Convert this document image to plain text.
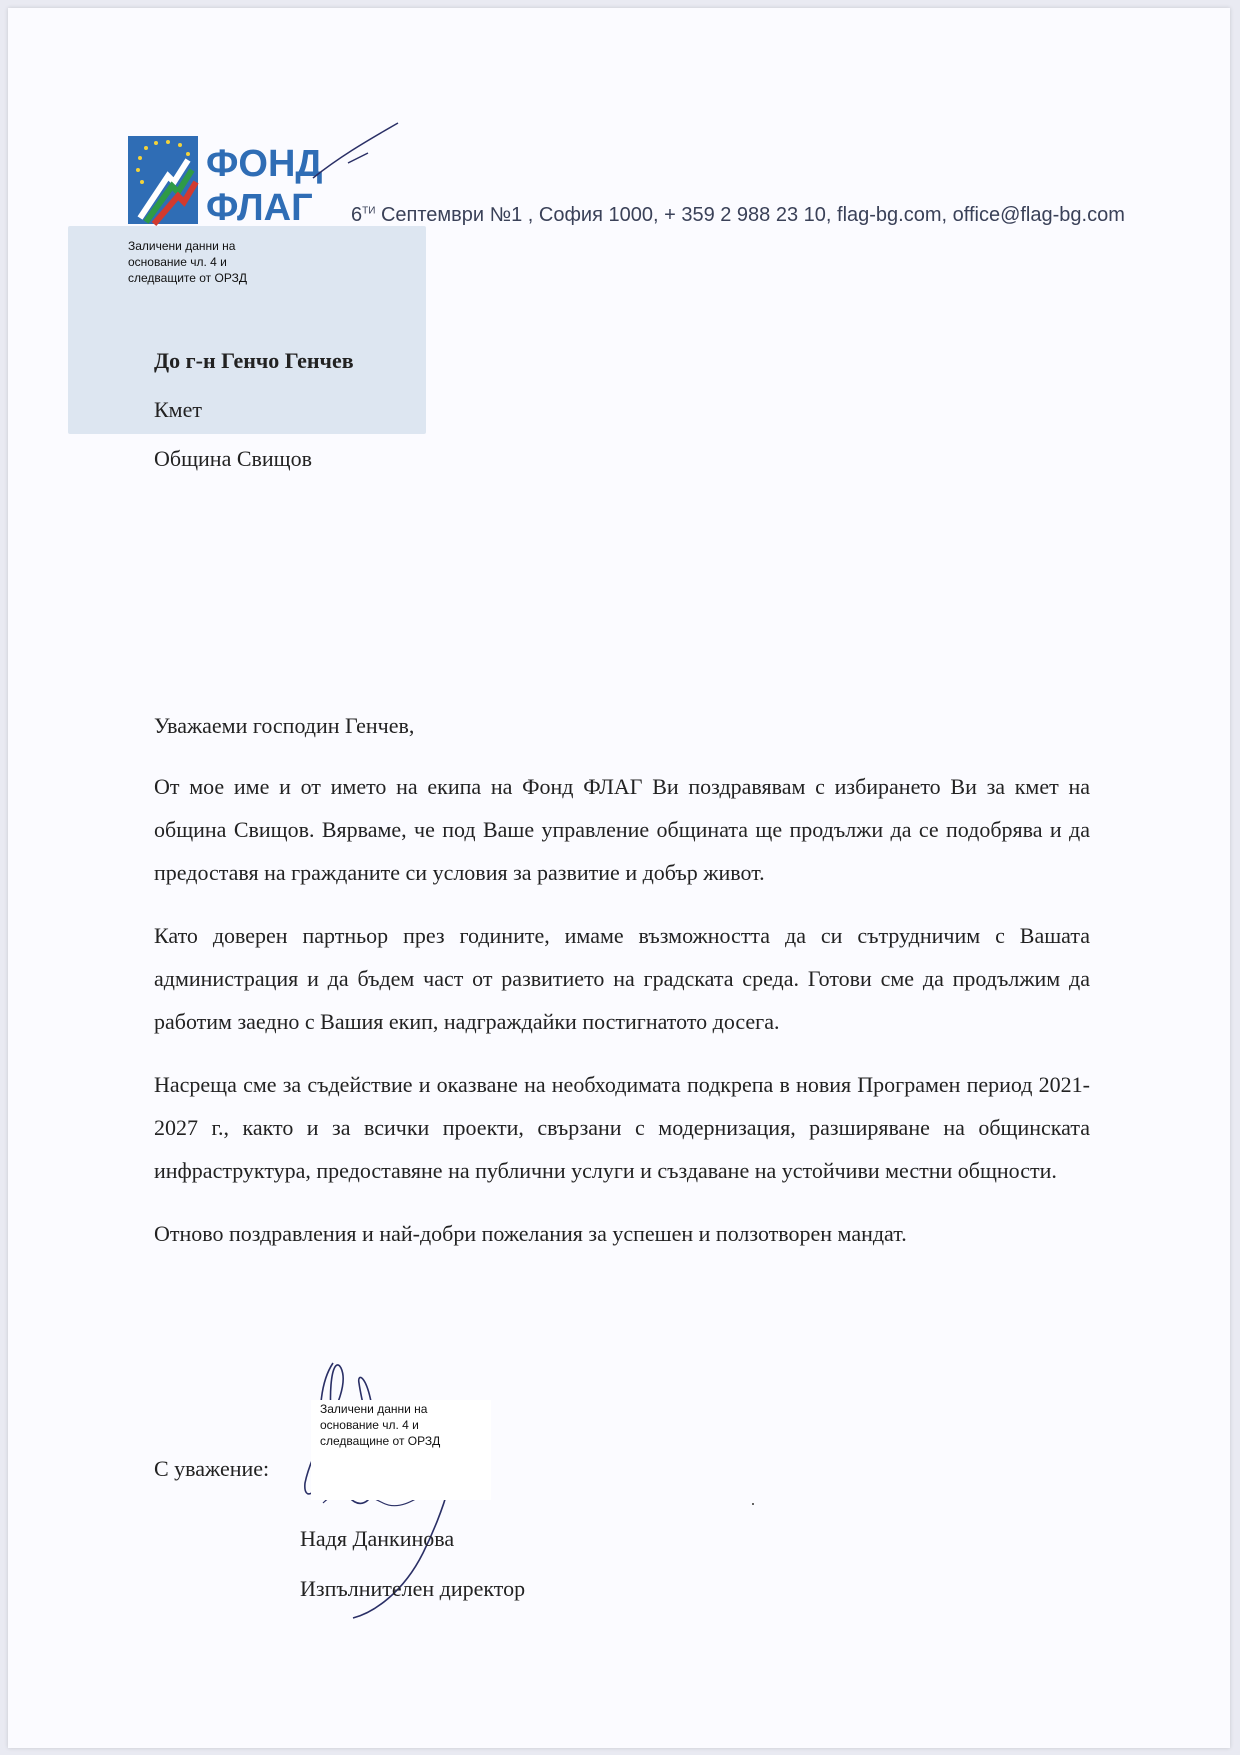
ФОНД
ФЛАГ $6^{ТИ}$ Септември №1 , София 1000, + 359 2 988 23 10, flag-bg.com, office@flag-bg.com
Заличени данни на основание чл. 4 и следващите от ОРЗД
До г-н Генчо Генчев
Кмет
Община Свищов

Уважаеми господин Генчев,

От мое име и от името на екипа на Фонд ФЛАГ Ви поздравявам с избирането Ви за кмет на община Свищов. Вярваме, че под Ваше управление общината ще продължи да се подобрява и да предоставя на гражданите си условия за развитие и добър живот.

Като доверен партньор през годините, имаме възможността да си сътрудничим с Вашата администрация и да бъдем част от развитието на градската среда. Готови сме да продължим да работим заедно с Вашия екип, надграждайки постигнатото досега.

Насреща сме за съдействие и оказване на необходимата подкрепа в новия Програмен период 2021-2027 г., както и за всички проекти, свързани с модернизация, разширяване на общинската инфраструктура, предоставяне на публични услуги и създаване на устойчиви местни общности.

Отново поздравления и най-добри пожелания за успешен и ползотворен мандат.

С уважение:
Заличени данни на основание чл. 4 и следващине от ОРЗД
Надя Данкинова
Изпълнителен директор
